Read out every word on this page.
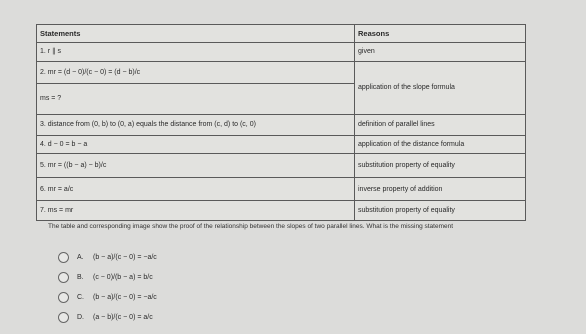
Statements	Reasons
1. r ∥ s	given
2. mr = (d − 0)/(c − 0) = (d − b)/c	application of the slope formula
ms = ?	
3. distance from (0, b) to (0, a) equals the distance from (c, d) to (c, 0)	definition of parallel lines
4. d − 0 = b − a	application of the distance formula
5. mr = ((b − a) − b)/c	substitution property of equality
6. mr = a/c	inverse property of addition
7. ms = mr	substitution property of equality
The table and corresponding image show the proof of the relationship between the slopes of two parallel lines. What is the missing statement
A.	(b − a)/(c − 0) = −a/c
B.	(c − 0)/(b − a) = b/c
C.	(b − a)/(c − 0) = −a/c
D.	(a − b)/(c − 0) = a/c
